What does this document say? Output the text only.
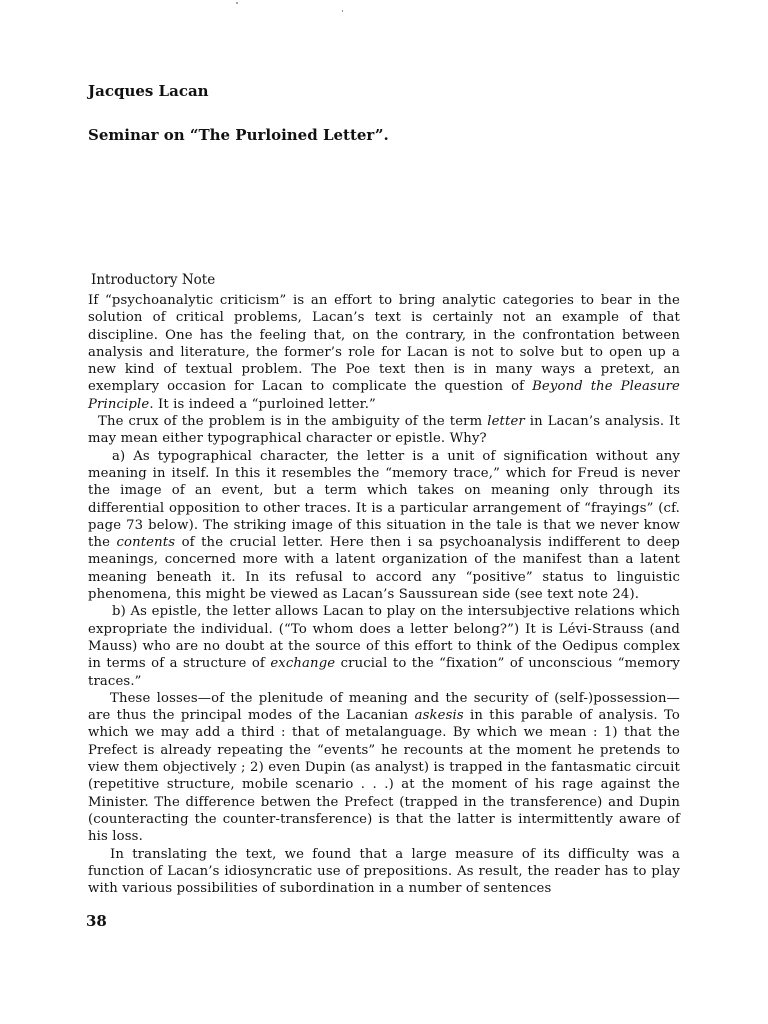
Jacques Lacan
Seminar on “The Purloined Letter”.
Introductory Note

If “psychoanalytic criticism” is an effort to bring analytic categories to bear in the solution of critical problems, Lacan’s text is certainly not an example of that discipline. One has the feeling that, on the contrary, in the confrontation between analysis and literature, the former’s role for Lacan is not to solve but to open up a new kind of textual problem. The Poe text then is in many ways a pretext, an exemplary occasion for Lacan to complicate the question of Beyond the Pleasure Principle. It is indeed a “purloined letter.”

The crux of the problem is in the ambiguity of the term letter in Lacan’s analysis. It may mean either typographical character or epistle. Why?

a) As typographical character, the letter is a unit of signification without any meaning in itself. In this it resembles the “memory trace,” which for Freud is never the image of an event, but a term which takes on meaning only through its differential opposition to other traces. It is a particular arrangement of “frayings” (cf. page 73 below). The striking image of this situation in the tale is that we never know the contents of the crucial letter. Here then i sa psychoanalysis indifferent to deep meanings, concerned more with a latent organization of the manifest than a latent meaning beneath it. In its refusal to accord any “positive” status to linguistic phenomena, this might be viewed as Lacan’s Saussurean side (see text note 24).

b) As epistle, the letter allows Lacan to play on the intersubjective relations which expropriate the individual. (“To whom does a letter belong?”) It is Lévi-Strauss (and Mauss) who are no doubt at the source of this effort to think of the Oedipus complex in terms of a structure of exchange crucial to the “fixation” of unconscious “memory traces.”

These losses—of the plenitude of meaning and the security of (self-)possession—are thus the principal modes of the Lacanian askesis in this parable of analysis. To which we may add a third : that of metalanguage. By which we mean : 1) that the Prefect is already repeating the “events” he recounts at the moment he pretends to view them objectively ; 2) even Dupin (as analyst) is trapped in the fantasmatic circuit (repetitive structure, mobile scenario . . .) at the moment of his rage against the Minister. The difference betwen the Prefect (trapped in the transference) and Dupin (counteracting the counter-transference) is that the latter is intermittently aware of his loss.

In translating the text, we found that a large measure of its difficulty was a function of Lacan’s idiosyncratic use of prepositions. As result, the reader has to play with various possibilities of subordination in a number of sentences

38
